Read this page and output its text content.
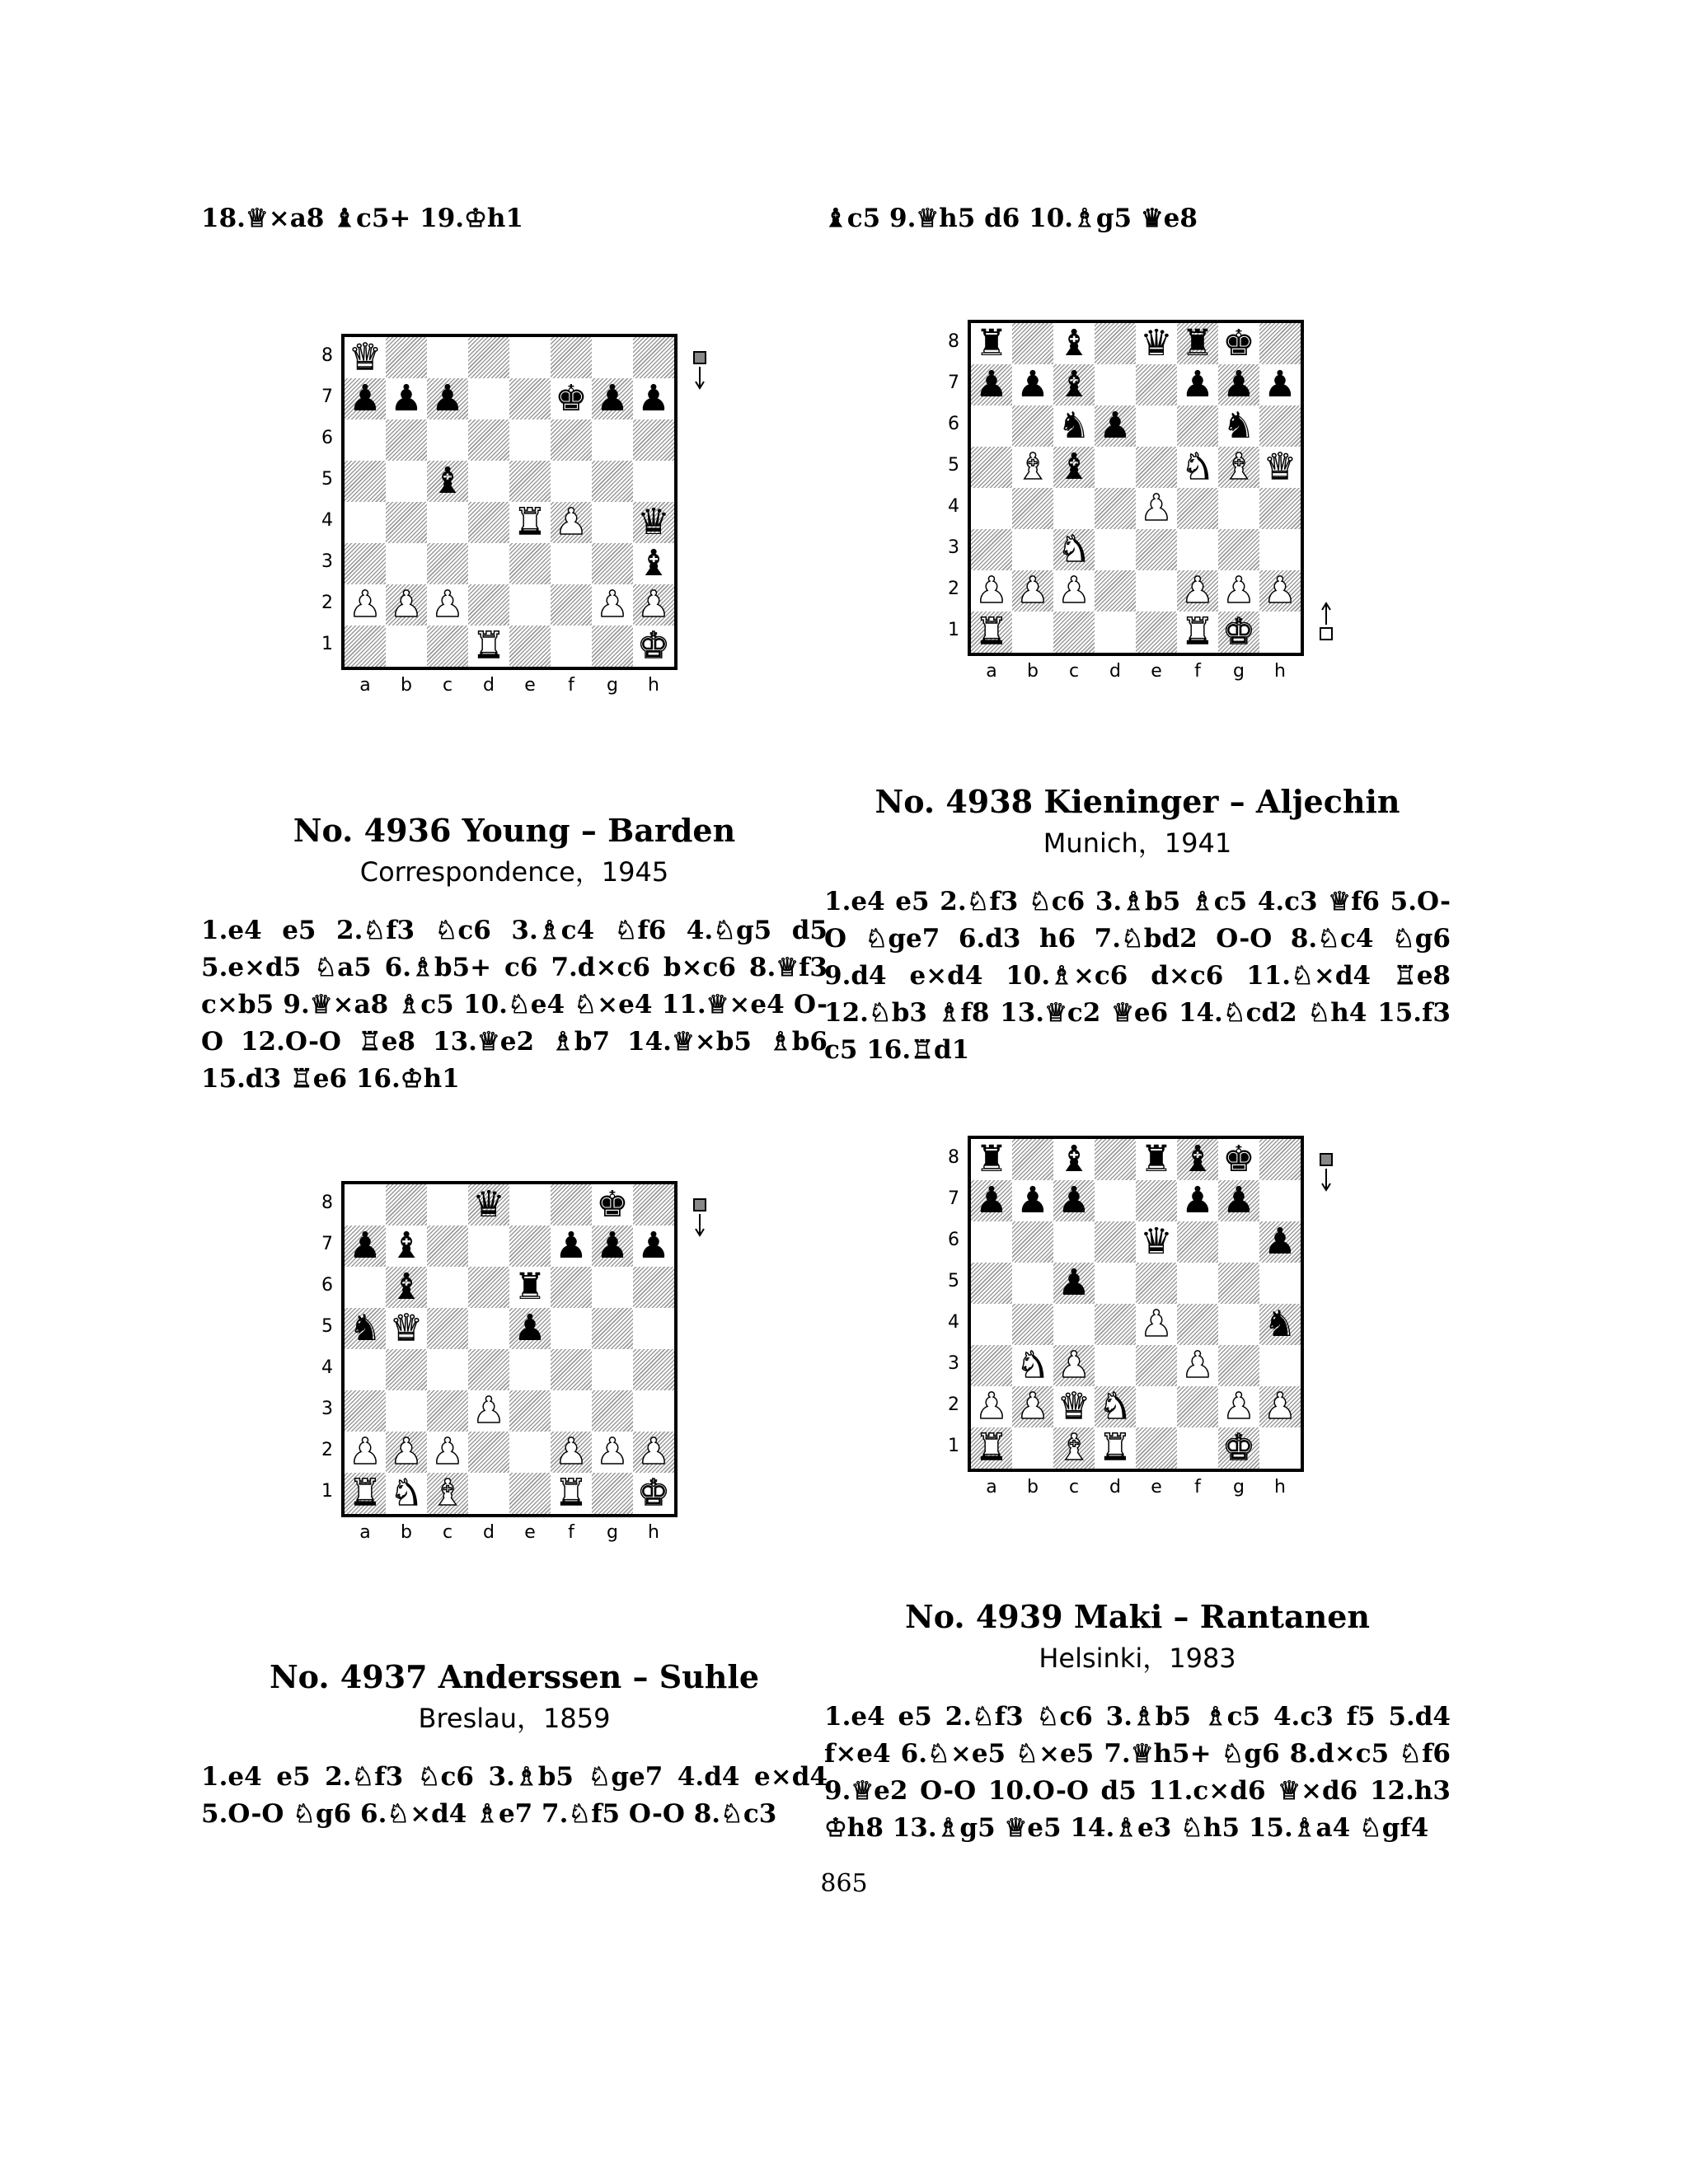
18.♕×a8 ♝c5+ 19.♔h1	♝c5 9.♕h5 d6 10.♗g5 ♛e8
♛
♟ ♟ ♟	♚ ♟ ♟
♝
♜ ♟ ♛
♝
♟ ♟ ♟	♟ ♟
♜	♚
8
7
6
5
4
3
2
1
a	b	c	d	e	f	g	h
♜ ♝ ♛ ♜ ♚
♟ ♟ ♝	♟ ♟ ♟
♞ ♟	♞
♝ ♝	♞ ♝ ♛
♟
♞
♟ ♟ ♟	♟ ♟ ♟
♜	♜ ♚
8
7
6
5
4
3
2
1
a	b	c	d	e	f	g	h
♛	♚
♟ ♝	♟ ♟ ♟
♝	♜
♞ ♛	♟
♟
♟ ♟ ♟	♟ ♟ ♟
♜ ♞ ♝	♜ ♚
8
7
6
5
4
3
2
1
a	b	c	d	e	f	g	h
♜ ♝ ♜ ♝ ♚
♟ ♟ ♟	♟ ♟
♛	♟
♟
♟	♞
♞ ♟	♟
♟ ♟ ♛ ♞	♟ ♟
♜ ♝ ♜	♚
8
7
6
5
4
3
2
1
a	b	c	d	e	f	g	h

No. 4936 Young – Barden

Correspondence，1945

1.e4 e5 2.♘f3 ♘c6 3.♗c4 ♘f6 4.♘g5 d5 5.e×d5 ♘a5 6.♗b5+ c6 7.d×c6 b×c6 8.♕f3 c×b5 9.♕×a8 ♗c5 10.♘e4 ♘×e4 11.♕×e4 O-O 12.O-O ♖e8 13.♕e2 ♗b7 14.♕×b5 ♗b6 15.d3 ♖e6 16.♔h1

No. 4937 Anderssen – Suhle

Breslau，1859

1.e4 e5 2.♘f3 ♘c6 3.♗b5 ♘ge7 4.d4 e×d4 5.O-O ♘g6 6.♘×d4 ♗e7 7.♘f5 O-O 8.♘c3

No. 4938 Kieninger – Aljechin

Munich，1941

1.e4 e5 2.♘f3 ♘c6 3.♗b5 ♗c5 4.c3 ♕f6 5.O-O ♘ge7 6.d3 h6 7.♘bd2 O-O 8.♘c4 ♘g6 9.d4 e×d4 10.♗×c6 d×c6 11.♘×d4 ♖e8 12.♘b3 ♗f8 13.♕c2 ♕e6 14.♘cd2 ♘h4 15.f3 c5 16.♖d1

No. 4939 Maki – Rantanen

Helsinki，1983

1.e4 e5 2.♘f3 ♘c6 3.♗b5 ♗c5 4.c3 f5 5.d4 f×e4 6.♘×e5 ♘×e5 7.♕h5+ ♘g6 8.d×c5 ♘f6 9.♕e2 O-O 10.O-O d5 11.c×d6 ♕×d6 12.h3 ♔h8 13.♗g5 ♕e5 14.♗e3 ♘h5 15.♗a4 ♘gf4

865
